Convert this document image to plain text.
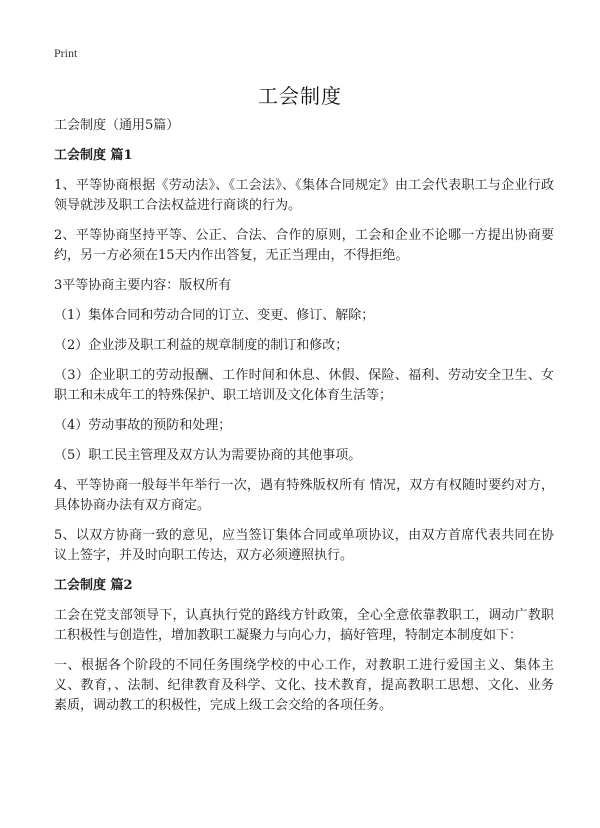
Print
工会制度

工会制度（通用5篇）

工会制度 篇1

1、平等协商根据《劳动法》、《工会法》、《集体合同规定》由工会代表职工与企业行政领导就涉及职工合法权益进行商谈的行为。

2、平等协商坚持平等、公正、合法、合作的原则，工会和企业不论哪一方提出协商要约，另一方必须在15天内作出答复，无正当理由，不得拒绝。

3平等协商主要内容：版权所有

（1）集体合同和劳动合同的订立、变更、修订、解除；

（2）企业涉及职工利益的规章制度的制订和修改；

（3）企业职工的劳动报酬、工作时间和休息、休假、保险、福利、劳动安全卫生、女职工和未成年工的特殊保护、职工培训及文化体育生活等；

（4）劳动事故的预防和处理；

（5）职工民主管理及双方认为需要协商的其他事项。

4、平等协商一般每半年举行一次，遇有特殊版权所有 情况，双方有权随时要约对方，具体协商办法有双方商定。

5、以双方协商一致的意见，应当签订集体合同或单项协议，由双方首席代表共同在协议上签字，并及时向职工传达，双方必须遵照执行。

工会制度 篇2

工会在党支部领导下，认真执行党的路线方针政策，全心全意依靠教职工，调动广教职工积极性与创造性，增加教职工凝聚力与向心力，搞好管理，特制定本制度如下：

一、根据各个阶段的不同任务围绕学校的中心工作，对教职工进行爱国主义、集体主义、教育，、法制、纪律教育及科学、文化、技术教育，提高教职工思想、文化、业务素质，调动教工的积极性，完成上级工会交给的各项任务。
